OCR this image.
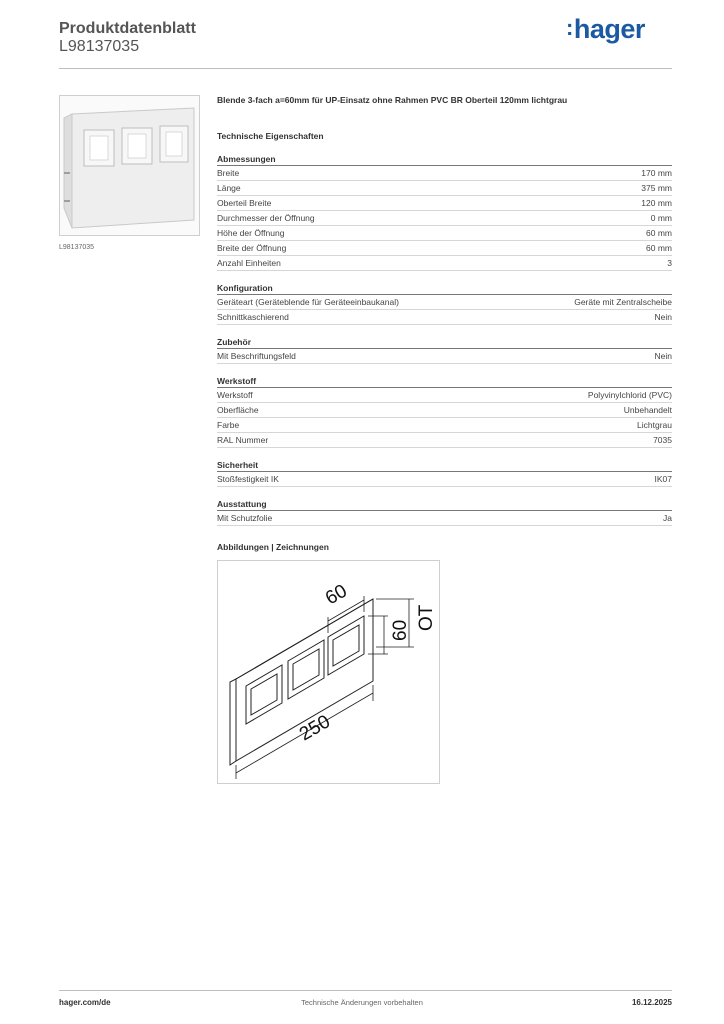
Produktdatenblatt
L98137035
:hager
L98137035
Blende 3-fach a=60mm für UP-Einsatz ohne Rahmen PVC BR Oberteil 120mm lichtgrau
Technische Eigenschaften
Abmessungen
Breite	170 mm
Länge	375 mm
Oberteil Breite	120 mm
Durchmesser der Öffnung	0 mm
Höhe der Öffnung	60 mm
Breite der Öffnung	60 mm
Anzahl Einheiten	3
Konfiguration
Geräteart (Geräteblende für Geräteeinbaukanal)	Geräte mit Zentralscheibe
Schnittkaschierend	Nein
Zubehör
Mit Beschriftungsfeld	Nein
Werkstoff
Werkstoff	Polyvinylchlorid (PVC)
Oberfläche	Unbehandelt
Farbe	Lichtgrau
RAL Nummer	7035
Sicherheit
Stoßfestigkeit IK	IK07
Ausstattung
Mit Schutzfolie	Ja
Abbildungen | Zeichnungen
250
60
60 OT
hager.com/de	Technische Änderungen vorbehalten	16.12.2025
